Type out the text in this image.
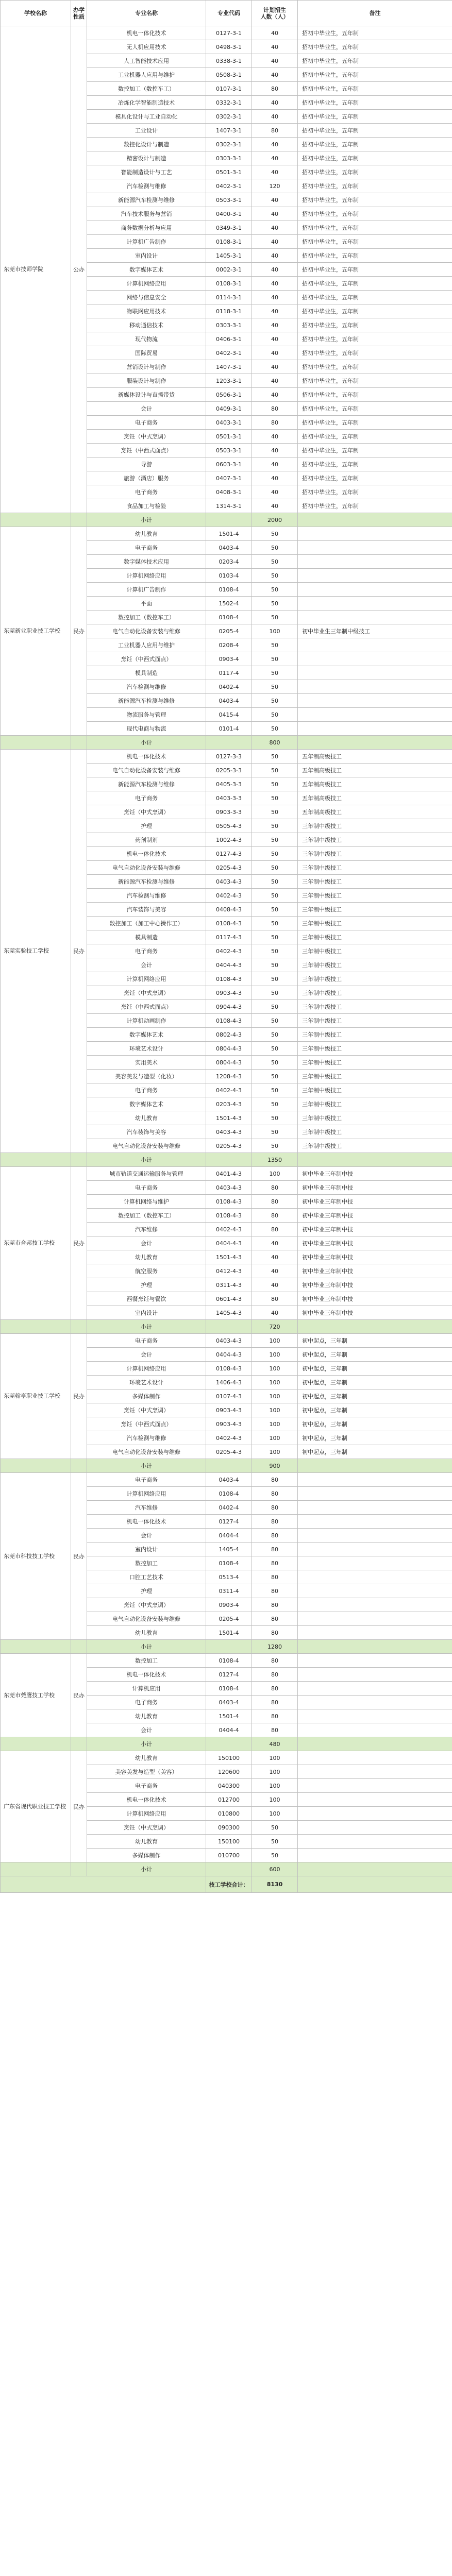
学校名称	办学
性质	专业名称	专业代码	计划招生
人数（人）	备注
东莞市技师学院	公办	机电一体化技术	0127-3-1	40	招初中毕业生，五年制
		无人机应用技术	0498-3-1	40	招初中毕业生，五年制
		人工智能技术应用	0338-3-1	40	招初中毕业生，五年制
		工业机器人应用与维护	0508-3-1	40	招初中毕业生，五年制
		数控加工（数控车工）	0107-3-1	80	招初中毕业生，五年制
		冶炼化学智能制造技术	0332-3-1	40	招初中毕业生，五年制
		模具化设计与工业自动化	0302-3-1	40	招初中毕业生，五年制
		工业设计	1407-3-1	80	招初中毕业生，五年制
		数控化设计与制造	0302-3-1	40	招初中毕业生，五年制
		精密设计与制造	0303-3-1	40	招初中毕业生，五年制
		智能制造设计与工艺	0501-3-1	40	招初中毕业生，五年制
		汽车检测与维修	0402-3-1	120	招初中毕业生，五年制
		新能源汽车检测与维修	0503-3-1	40	招初中毕业生，五年制
		汽车技术服务与营销	0400-3-1	40	招初中毕业生，五年制
		商务数据分析与应用	0349-3-1	40	招初中毕业生，五年制
		计算机广告制作	0108-3-1	40	招初中毕业生，五年制
		室内设计	1405-3-1	40	招初中毕业生，五年制
		数字媒体艺术	0002-3-1	40	招初中毕业生，五年制
		计算机网络应用	0108-3-1	40	招初中毕业生，五年制
		网络与信息安全	0114-3-1	40	招初中毕业生，五年制
		物联网应用技术	0118-3-1	40	招初中毕业生，五年制
		移动通信技术	0303-3-1	40	招初中毕业生，五年制
		现代物流	0406-3-1	40	招初中毕业生，五年制
		国际贸易	0402-3-1	40	招初中毕业生，五年制
		营销设计与制作	1407-3-1	40	招初中毕业生，五年制
		服装设计与制作	1203-3-1	40	招初中毕业生，五年制
		新媒体设计与直播带货	0506-3-1	40	招初中毕业生，五年制
		会计	0409-3-1	80	招初中毕业生，五年制
		电子商务	0403-3-1	80	招初中毕业生，五年制
		烹饪（中式烹调）	0501-3-1	40	招初中毕业生，五年制
		烹饪（中西式面点）	0503-3-1	40	招初中毕业生，五年制
		导游	0603-3-1	40	招初中毕业生，五年制
		旅游（酒店）服务	0407-3-1	40	招初中毕业生，五年制
		电子商务	0408-3-1	40	招初中毕业生，五年制
		食品加工与检验	1314-3-1	40	招初中毕业生，五年制
		小计		2000	
东莞新业职业技工学校	民办	幼儿教育	1501-4	50	
		电子商务	0403-4	50	
		数字媒体技术应用	0203-4	50	
		计算机网络应用	0103-4	50	
		计算机广告制作	0108-4	50	
		平面	1502-4	50	
		数控加工（数控车工）	0108-4	50	
		电气自动化设备安装与维修	0205-4	100	初中毕业生三年制中级技工
		工业机器人应用与维护	0208-4	50	
		烹饪（中西式面点）	0903-4	50	
		模具制造	0117-4	50	
		汽车检测与维修	0402-4	50	
		新能源汽车检测与维修	0403-4	50	
		物流服务与管理	0415-4	50	
		现代电商与物流	0101-4	50	
		小计		800	
东莞实验技工学校	民办	机电一体化技术	0127-3-3	50	五年制高级技工
		电气自动化设备安装与维修	0205-3-3	50	五年制高级技工
		新能源汽车检测与维修	0405-3-3	50	五年制高级技工
		电子商务	0403-3-3	50	五年制高级技工
		烹饪（中式烹调）	0903-3-3	50	五年制高级技工
		护理	0505-4-3	50	三年制中级技工
		药剂制剂	1002-4-3	50	三年制中级技工
		机电一体化技术	0127-4-3	50	三年制中级技工
		电气自动化设备安装与维修	0205-4-3	50	三年制中级技工
		新能源汽车检测与维修	0403-4-3	50	三年制中级技工
		汽车检测与维修	0402-4-3	50	三年制中级技工
		汽车装饰与美容	0408-4-3	50	三年制中级技工
		数控加工（加工中心操作工）	0108-4-3	50	三年制中级技工
		模具制造	0117-4-3	50	三年制中级技工
		电子商务	0402-4-3	50	三年制中级技工
		会计	0404-4-3	50	三年制中级技工
		计算机网络应用	0108-4-3	50	三年制中级技工
		烹饪（中式烹调）	0903-4-3	50	三年制中级技工
		烹饪（中西式面点）	0904-4-3	50	三年制中级技工
		计算机动画制作	0108-4-3	50	三年制中级技工
		数字媒体艺术	0802-4-3	50	三年制中级技工
		环境艺术设计	0804-4-3	50	三年制中级技工
		实用美术	0804-4-3	50	三年制中级技工
		美容美发与造型（化妆）	1208-4-3	50	三年制中级技工
		电子商务	0402-4-3	50	三年制中级技工
		数字媒体艺术	0203-4-3	50	三年制中级技工
		幼儿教育	1501-4-3	50	三年制中级技工
		汽车装饰与美容	0403-4-3	50	三年制中级技工
		电气自动化设备安装与维修	0205-4-3	50	三年制中级技工
		小计		1350	
东莞市合邦技工学校	民办	城市轨道交通运输服务与管理	0401-4-3	100	初中毕业三年制中技
		电子商务	0403-4-3	80	初中毕业三年制中技
		计算机网络与维护	0108-4-3	80	初中毕业三年制中技
		数控加工（数控车工）	0108-4-3	80	初中毕业三年制中技
		汽车维修	0402-4-3	80	初中毕业三年制中技
		会计	0404-4-3	40	初中毕业三年制中技
		幼儿教育	1501-4-3	40	初中毕业三年制中技
		航空服务	0412-4-3	40	初中毕业三年制中技
		护理	0311-4-3	40	初中毕业三年制中技
		西餐烹饪与餐饮	0601-4-3	80	初中毕业三年制中技
		室内设计	1405-4-3	40	初中毕业三年制中技
		小计		720	
东莞翰亭职业技工学校	民办	电子商务	0403-4-3	100	初中起点，三年制
		会计	0404-4-3	100	初中起点，三年制
		计算机网络应用	0108-4-3	100	初中起点，三年制
		环境艺术设计	1406-4-3	100	初中起点，三年制
		多媒体制作	0107-4-3	100	初中起点，三年制
		烹饪（中式烹调）	0903-4-3	100	初中起点，三年制
		烹饪（中西式面点）	0903-4-3	100	初中起点，三年制
		汽车检测与维修	0402-4-3	100	初中起点，三年制
		电气自动化设备安装与维修	0205-4-3	100	初中起点，三年制
		小计		900	
东莞市科技技工学校	民办	电子商务	0403-4	80	
		计算机网络应用	0108-4	80	
		汽车维修	0402-4	80	
		机电一体化技术	0127-4	80	
		会计	0404-4	80	
		室内设计	1405-4	80	
		数控加工	0108-4	80	
		口腔工艺技术	0513-4	80	
		护理	0311-4	80	
		烹饪（中式烹调）	0903-4	80	
		电气自动化设备安装与维修	0205-4	80	
		幼儿教育	1501-4	80	
		小计		1280	
东莞市莞鹰技工学校	民办	数控加工	0108-4	80	
		机电一体化技术	0127-4	80	
		计算机应用	0108-4	80	
		电子商务	0403-4	80	
		幼儿教育	1501-4	80	
		会计	0404-4	80	
		小计		480	
广东省现代职业技工学校	民办	幼儿教育	150100	100	
		美容美发与造型（美容）	120600	100	
		电子商务	040300	100	
		机电一体化技术	012700	100	
		计算机网络应用	010800	100	
		烹饪（中式烹调）	090300	50	
		幼儿教育	150100	50	
		多媒体制作	010700	50	
		小计		600	
			技工学校合计：	8130	
